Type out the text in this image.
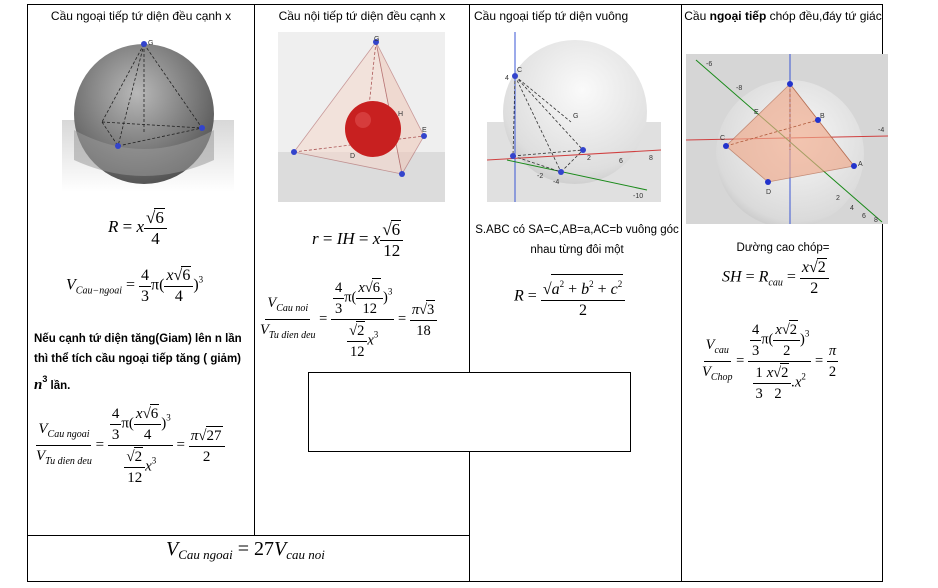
Cầu ngoại tiếp tứ diện đều cạnh x
G
R = x $\frac{√6}{4}$
$V_{Cau-ngoai} = \frac{4}{3} \pi( \frac{x√6}{4} )^3$
Nếu cạnh tứ diện tăng(Giam) lên n lần
thì thể tích cầu ngoại tiếp tăng ( giảm)
$n^3$ lần.
$\frac{V_{Cau ngoai}}{V_{Tu dien deu}} = \frac{\frac{4}{3} \pi( \frac{x√6}{4} )^3}{\frac{√2}{12} x^3} = \frac{\pi√27}{2}$
$V_{Cau ngoai} = 27V_{cau noi}$
Cầu nội tiếp tứ diện đều cạnh x
G
H
E
D
r = IH = x $\frac{√6}{12}$
$\frac{V_{Cau noi}}{V_{Tu dien deu}} = \frac{\frac{4}{3} \pi( \frac{x√6}{12} )^3}{\frac{√2}{12} x^3} = \frac{\pi√3}{18}$
Cầu ngoại tiếp tứ diện vuông
4
C
G
-2
-4
6	8
-10
2
S.ABC có SA=C,AB=a,AC=b vuông góc
nhau từng đôi một
$R = \frac{√a^2 + b^2 + c^2}{2}$
Cầu ngoại tiếp chóp đều,đáy tứ giác
E
C
D
B
A
-4
-6
-8
2
4
6
8
Dường cao chóp=
SH = $R_{cau} = \frac{x√2}{2}$
$\frac{V_{cau}}{V_{Chop}} = \frac{\frac{4}{3} \pi( \frac{x√2}{2} )^3}{\frac{1}{3} \frac{x√2}{2} .x^2} = \frac{\pi}{2}$
